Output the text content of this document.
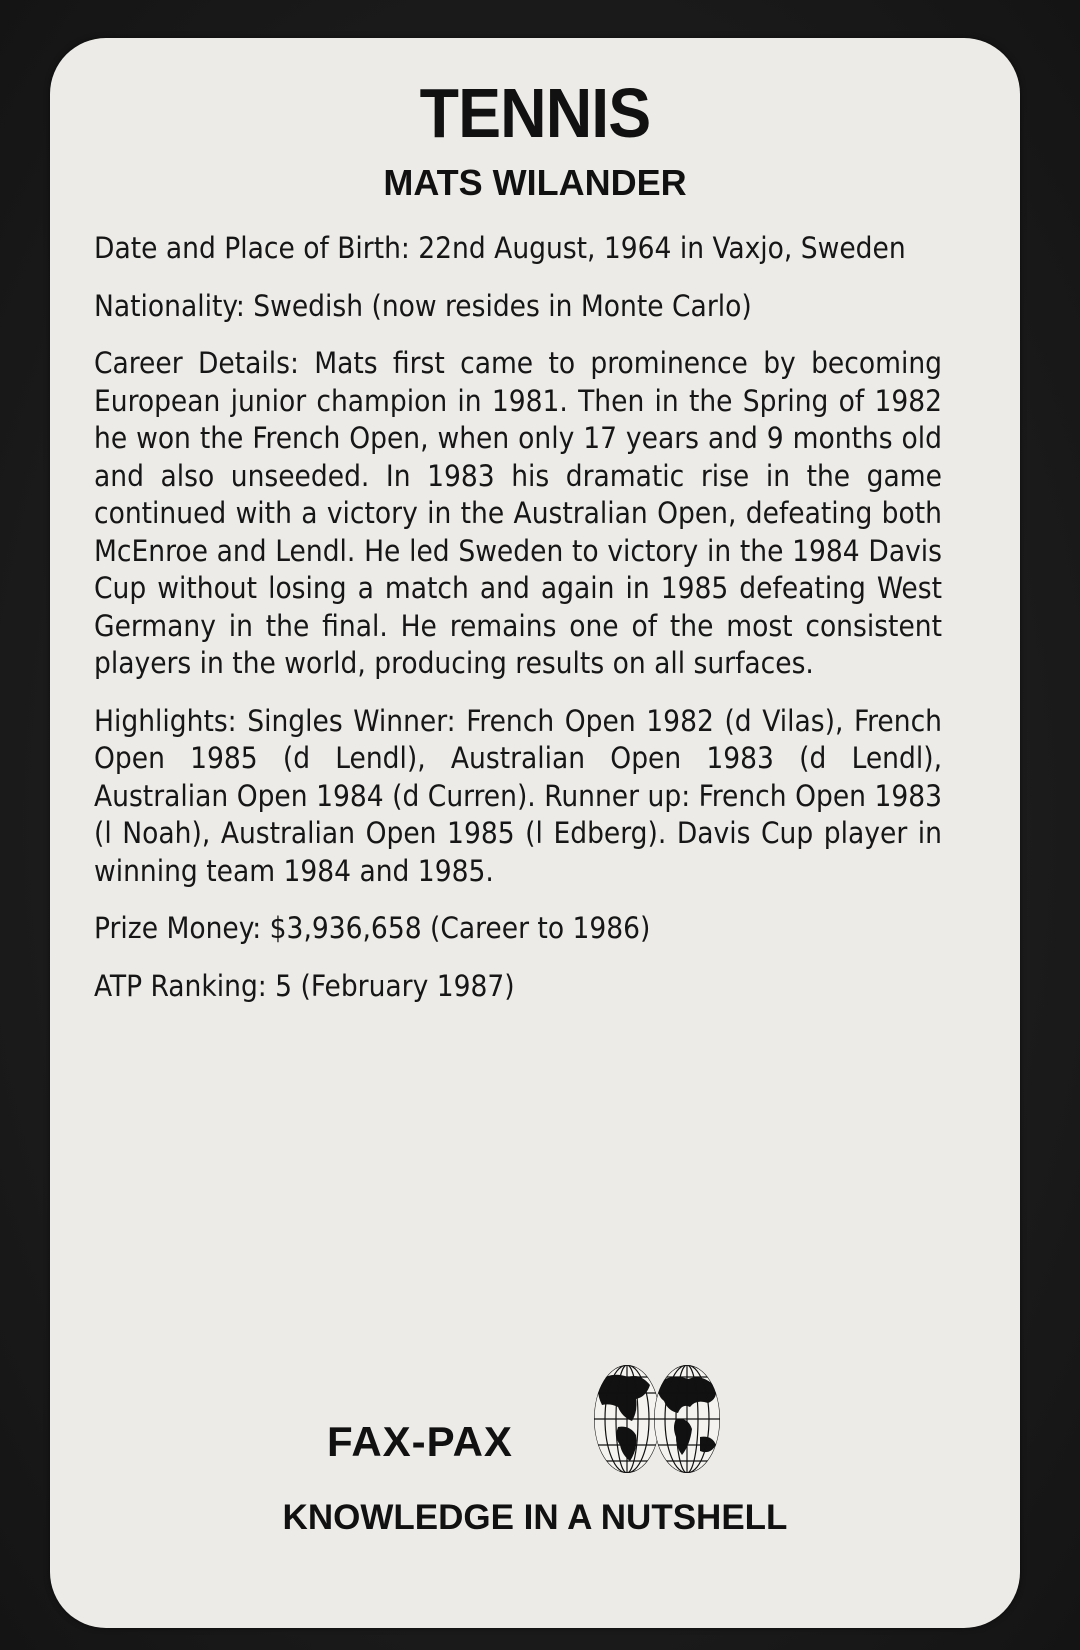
TENNIS
MATS WILANDER

Date and Place of Birth: 22nd August, 1964 in Vaxjo, Sweden

Nationality: Swedish (now resides in Monte Carlo)

Career Details: Mats first came to prominence by becoming European junior champion in 1981. Then in the Spring of 1982 he won the French Open, when only 17 years and 9 months old and also unseeded. In 1983 his dramatic rise in the game continued with a victory in the Australian Open, defeating both McEnroe and Lendl. He led Sweden to victory in the 1984 Davis Cup without losing a match and again in 1985 defeating West Germany in the final. He remains one of the most consistent players in the world, producing results on all surfaces.

Highlights: Singles Winner: French Open 1982 (d Vilas), French Open 1985 (d Lendl), Australian Open 1983 (d Lendl), Australian Open 1984 (d Curren). Runner up: French Open 1983 (l Noah), Australian Open 1985 (l Edberg). Davis Cup player in winning team 1984 and 1985.

Prize Money: $3,936,658 (Career to 1986)

ATP Ranking: 5 (February 1987)

FAX-PAX
KNOWLEDGE IN A NUTSHELL
